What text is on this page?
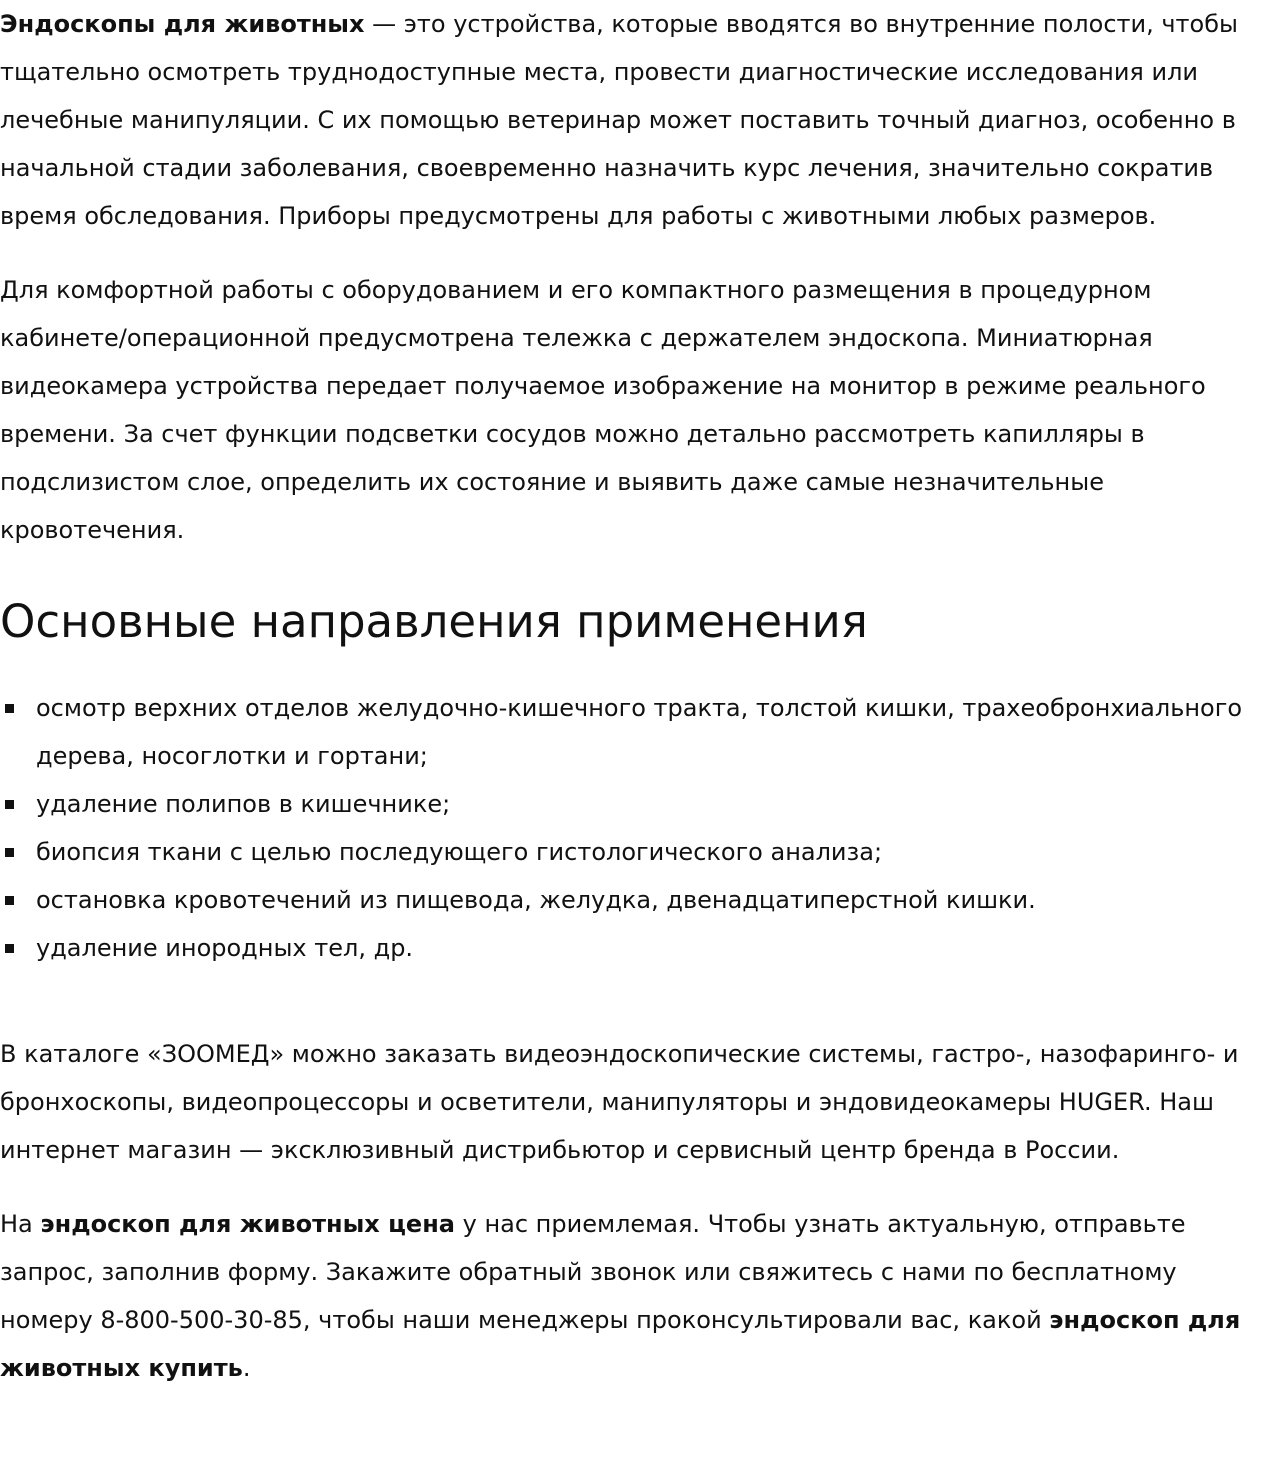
Эндоскопы для животных — это устройства, которые вводятся во внутренние полости, чтобы тщательно осмотреть труднодоступные места, провести диагностические исследования или лечебные манипуляции. С их помощью ветеринар может поставить точный диагноз, особенно в начальной стадии заболевания, своевременно назначить курс лечения, значительно сократив время обследования. Приборы предусмотрены для работы с животными любых размеров.

Для комфортной работы с оборудованием и его компактного размещения в процедурном кабинете/операционной предусмотрена тележка с держателем эндоскопа. Миниатюрная видеокамера устройства передает получаемое изображение на монитор в режиме реального времени. За счет функции подсветки сосудов можно детально рассмотреть капилляры в подслизистом слое, определить их состояние и выявить даже самые незначительные кровотечения.

Основные направления применения
осмотр верхних отделов желудочно-кишечного тракта, толстой кишки, трахеобронхиального дерева, носоглотки и гортани;
удаление полипов в кишечнике;
биопсия ткани с целью последующего гистологического анализа;
остановка кровотечений из пищевода, желудка, двенадцатиперстной кишки.
удаление инородных тел, др.

В каталоге «ЗООМЕД» можно заказать видеоэндоскопические системы, гастро-, назофаринго- и бронхоскопы, видеопроцессоры и осветители, манипуляторы и эндовидеокамеры HUGER. Наш интернет магазин — эксклюзивный дистрибьютор и сервисный центр бренда в России.

На эндоскоп для животных цена у нас приемлемая. Чтобы узнать актуальную, отправьте запрос, заполнив форму. Закажите обратный звонок или свяжитесь с нами по бесплатному номеру 8-800-500-30-85, чтобы наши менеджеры проконсультировали вас, какой эндоскоп для животных купить.
